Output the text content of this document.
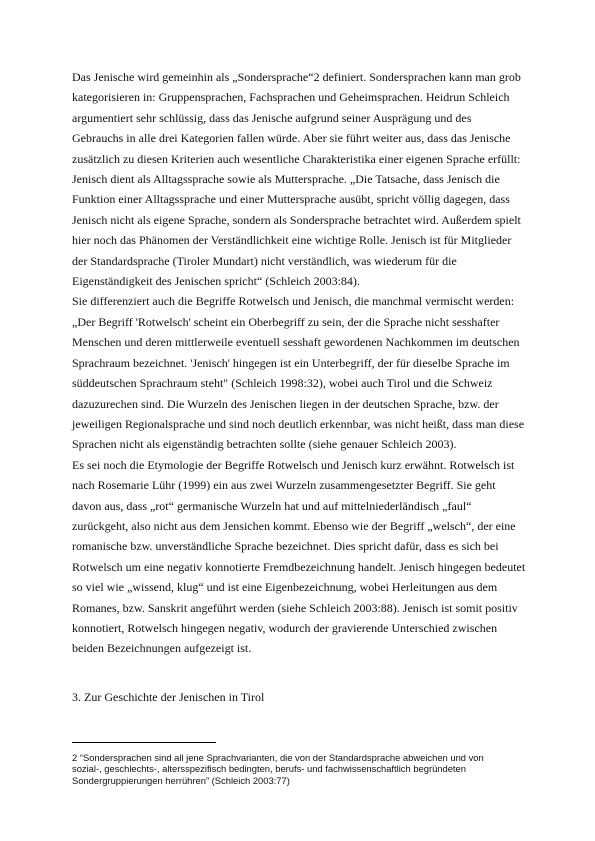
Das Jenische wird gemeinhin als „Sondersprache“2 definiert. Sondersprachen kann man grob
kategorisieren in: Gruppensprachen, Fachsprachen und Geheimsprachen. Heidrun Schleich
argumentiert sehr schlüssig, dass das Jenische aufgrund seiner Ausprägung und des
Gebrauchs in alle drei Kategorien fallen würde. Aber sie führt weiter aus, dass das Jenische
zusätzlich zu diesen Kriterien auch wesentliche Charakteristika einer eigenen Sprache erfüllt:
Jenisch dient als Alltagssprache sowie als Muttersprache. „Die Tatsache, dass Jenisch die
Funktion einer Alltagssprache und einer Muttersprache ausübt, spricht völlig dagegen, dass
Jenisch nicht als eigene Sprache, sondern als Sondersprache betrachtet wird. Außerdem spielt
hier noch das Phänomen der Verständlichkeit eine wichtige Rolle. Jenisch ist für Mitglieder
der Standardsprache (Tiroler Mundart) nicht verständlich, was wiederum für die
Eigenständigkeit des Jenischen spricht“ (Schleich 2003:84).

Sie differenziert auch die Begriffe Rotwelsch und Jenisch, die manchmal vermischt werden:
„Der Begriff 'Rotwelsch' scheint ein Oberbegriff zu sein, der die Sprache nicht sesshafter
Menschen und deren mittlerweile eventuell sesshaft gewordenen Nachkommen im deutschen
Sprachraum bezeichnet. 'Jenisch' hingegen ist ein Unterbegriff, der für dieselbe Sprache im
süddeutschen Sprachraum steht" (Schleich 1998:32), wobei auch Tirol und die Schweiz
dazuzurechen sind. Die Wurzeln des Jenischen liegen in der deutschen Sprache, bzw. der
jeweiligen Regionalsprache und sind noch deutlich erkennbar, was nicht heißt, dass man diese
Sprachen nicht als eigenständig betrachten sollte (siehe genauer Schleich 2003).

Es sei noch die Etymologie der Begriffe Rotwelsch und Jenisch kurz erwähnt. Rotwelsch ist
nach Rosemarie Lühr (1999) ein aus zwei Wurzeln zusammengesetzter Begriff. Sie geht
davon aus, dass „rot“ germanische Wurzeln hat und auf mittelniederländisch „faul“
zurückgeht, also nicht aus dem Jensichen kommt. Ebenso wie der Begriff „welsch“, der eine
romanische bzw. unverständliche Sprache bezeichnet. Dies spricht dafür, dass es sich bei
Rotwelsch um eine negativ konnotierte Fremdbezeichnung handelt. Jenisch hingegen bedeutet
so viel wie „wissend, klug“ und ist eine Eigenbezeichnung, wobei Herleitungen aus dem
Romanes, bzw. Sanskrit angeführt werden (siehe Schleich 2003:88). Jenisch ist somit positiv
konnotiert, Rotwelsch hingegen negativ, wodurch der gravierende Unterschied zwischen
beiden Bezeichnungen aufgezeigt ist.

3. Zur Geschichte der Jenischen in Tirol
2 “Sondersprachen sind all jene Sprachvarianten, die von der Standardsprache abweichen und von
sozial-, geschlechts-, altersspezifisch bedingten, berufs- und fachwissenschaftlich begründeten
Sondergruppierungen herrühren” (Schleich 2003:77)
